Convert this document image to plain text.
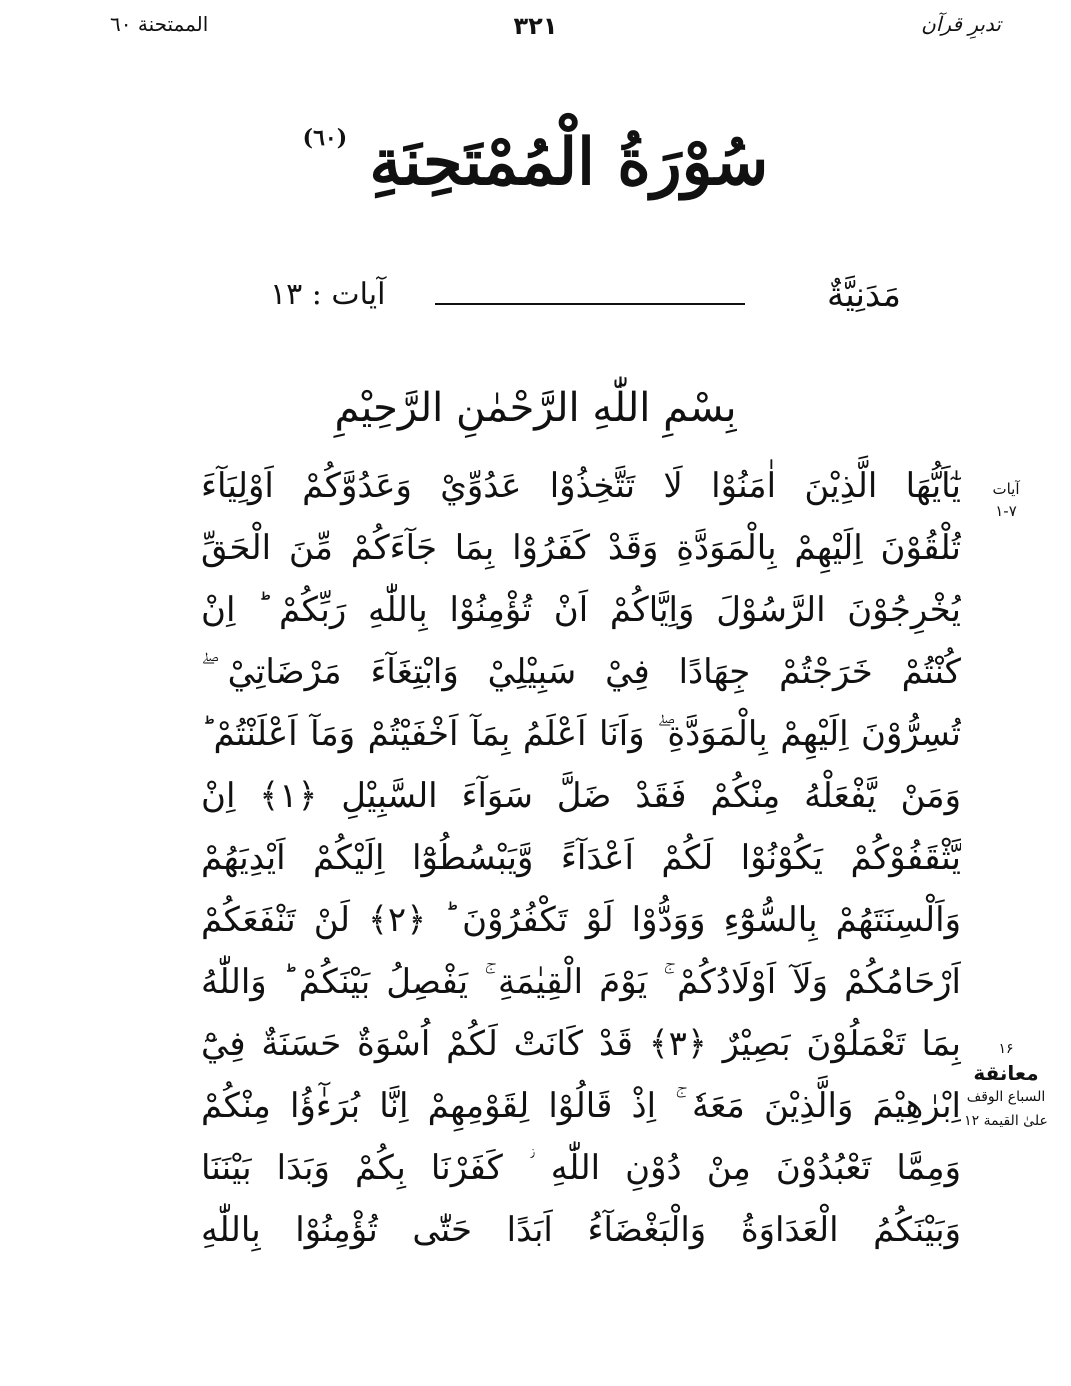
تدبرِ قرآن
۳۲۱
الممتحنة ٦٠
سُوْرَةُ الْمُمْتَحِنَةِ $^{(٦٠)}$
مَدَنِيَّةٌ
آیات : ۱۳
بِسْمِ اللّٰهِ الرَّحْمٰنِ الرَّحِيْمِ
آیات
۱-۷
۱۶
معانقة
السباع الوقف
علىٰ القيمة ۱۲
يٰٓاَيُّهَا الَّذِيْنَ اٰمَنُوْا لَا تَتَّخِذُوْا عَدُوِّيْ وَعَدُوَّكُمْ اَوْلِيَآءَ
تُلْقُوْنَ اِلَيْهِمْ بِالْمَوَدَّةِ وَقَدْ كَفَرُوْا بِمَا جَآءَكُمْ مِّنَ الْحَقِّ
يُخْرِجُوْنَ الرَّسُوْلَ وَاِيَّاكُمْ اَنْ تُؤْمِنُوْا بِاللّٰهِ رَبِّكُمْ ؕ اِنْ
كُنْتُمْ خَرَجْتُمْ جِهَادًا فِيْ سَبِيْلِيْ وَابْتِغَآءَ مَرْضَاتِيْ ۖ
تُسِرُّوْنَ اِلَيْهِمْ بِالْمَوَدَّةِ ۖ وَاَنَا اَعْلَمُ بِمَآ اَخْفَيْتُمْ وَمَآ اَعْلَنْتُمْ ؕ
وَمَنْ يَّفْعَلْهُ مِنْكُمْ فَقَدْ ضَلَّ سَوَآءَ السَّبِيْلِ ﴿۱﴾ اِنْ
يَّثْقَفُوْكُمْ يَكُوْنُوْا لَكُمْ اَعْدَآءً وَّيَبْسُطُوْٓا اِلَيْكُمْ اَيْدِيَهُمْ
وَاَلْسِنَتَهُمْ بِالسُّوْٓءِ وَوَدُّوْا لَوْ تَكْفُرُوْنَ ؕ ﴿۲﴾ لَنْ تَنْفَعَكُمْ
اَرْحَامُكُمْ وَلَآ اَوْلَادُكُمْ ۚ يَوْمَ الْقِيٰمَةِ ۚ يَفْصِلُ بَيْنَكُمْ ؕ وَاللّٰهُ
بِمَا تَعْمَلُوْنَ بَصِيْرٌ ﴿۳﴾ قَدْ كَانَتْ لَكُمْ اُسْوَةٌ حَسَنَةٌ فِيْٓ
اِبْرٰهِيْمَ وَالَّذِيْنَ مَعَهٗ ۚ اِذْ قَالُوْا لِقَوْمِهِمْ اِنَّا بُرَءٰٓؤُا مِنْكُمْ
وَمِمَّا تَعْبُدُوْنَ مِنْ دُوْنِ اللّٰهِ ؗ كَفَرْنَا بِكُمْ وَبَدَا بَيْنَنَا
وَبَيْنَكُمُ الْعَدَاوَةُ وَالْبَغْضَآءُ اَبَدًا حَتّٰى تُؤْمِنُوْا بِاللّٰهِ
